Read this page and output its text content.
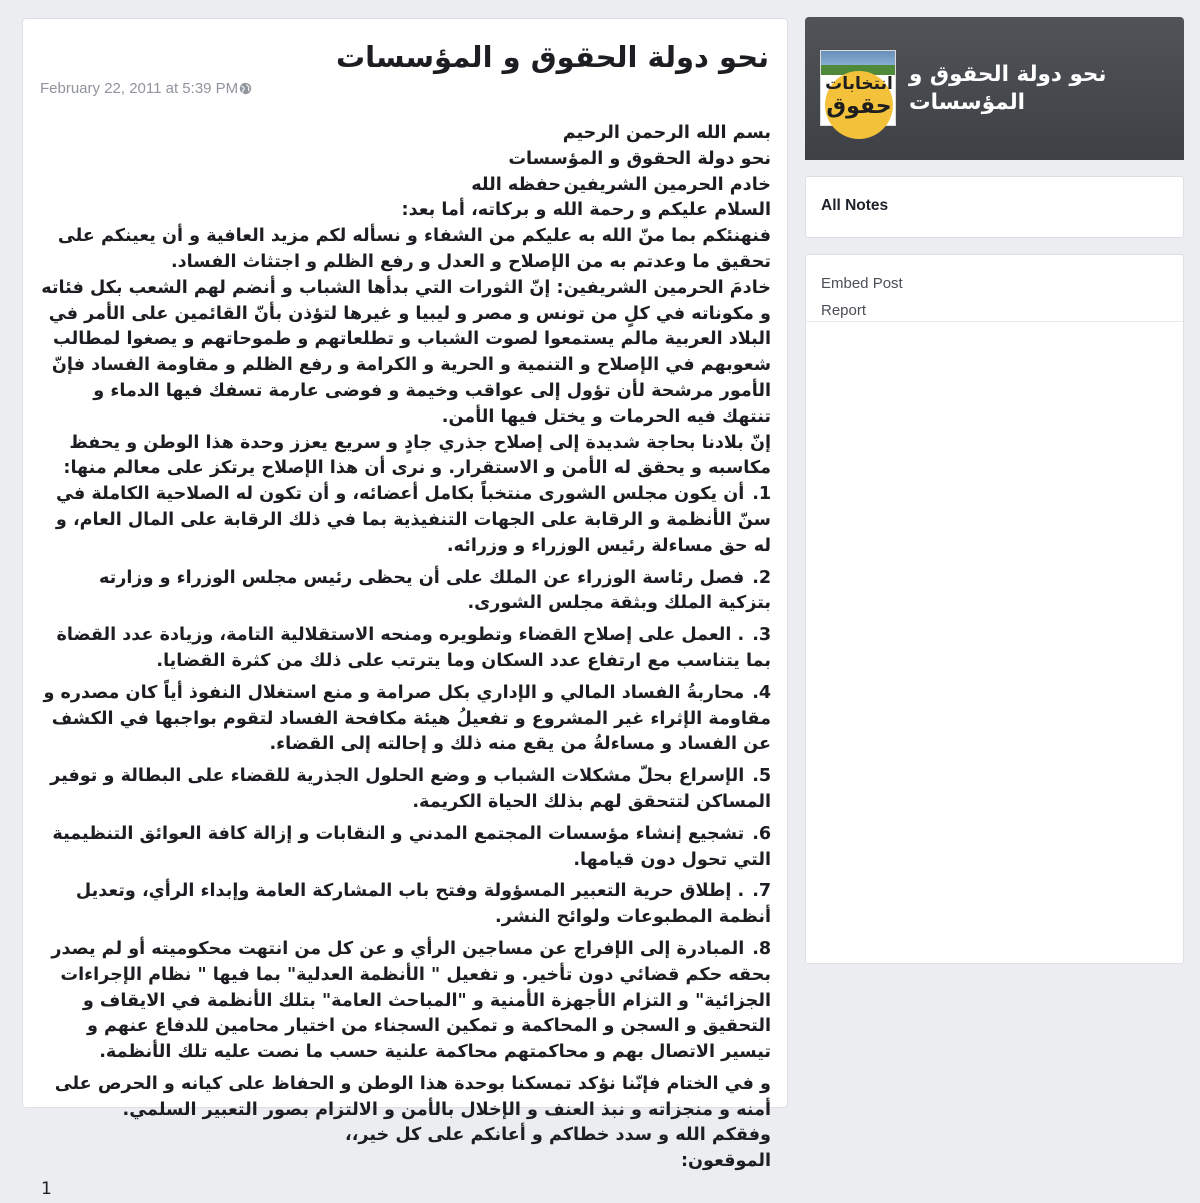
نحو دولة الحقوق و المؤسسات
February 22, 2011 at 5:39 PM

بسم الله الرحمن الرحيم

نحو دولة الحقوق و المؤسسات

خادم الحرمين الشريفين
حفظه الله

السلام عليكم و رحمة الله و بركاته، أما بعد:

فنهنئكم بما منّ الله به عليكم من الشفاء و نسأله لكم مزيد العافية و أن يعينكم على تحقيق ما وعدتم به من الإصلاح و العدل و رفع الظلم و اجتثاث الفساد.

خادمَ الحرمين الشريفين: إنّ الثورات التي بدأها الشباب و أنضم لهم الشعب بكل فئاته و مكوناته في كلٍ من تونس و مصر و ليبيا و غيرها لتؤذن بأنّ القائمين على الأمر في البلاد العربية مالم يستمعوا لصوت الشباب و تطلعاتهم و طموحاتهم و يصغوا لمطالب شعوبهم في الإصلاح و التنمية و الحرية و الكرامة و رفع الظلم و مقاومة الفساد فإنّ الأمور مرشحة لأن تؤول إلى عواقب وخيمة و فوضى عارمة تسفك فيها الدماء و تنتهك فيه الحرمات و يختل فيها الأمن.

إنّ بلادنا بحاجة شديدة إلى إصلاح جذري جادٍ و سريع يعزز وحدة هذا الوطن و يحفظ مكاسبه و يحقق له الأمن و الاستقرار. و نرى أن هذا الإصلاح يرتكز على معالم منها:

1.أن يكون مجلس الشورى منتخباً بكامل أعضائه، و أن تكون له الصلاحية الكاملة في سنّ الأنظمة و الرقابة على الجهات التنفيذية بما في ذلك الرقابة على المال العام، و له حق مساءلة رئيس الوزراء و وزرائه.
2.فصل رئاسة الوزراء عن الملك على أن يحظى رئيس مجلس الوزراء و وزارته بتزكية الملك وبثقة مجلس الشورى.
3.. العمل على إصلاح القضاء وتطويره ومنحه الاستقلالية التامة، وزيادة عدد القضاة بما يتناسب مع ارتفاع عدد السكان وما يترتب على ذلك من كثرة القضايا.
4.محاربةُ الفساد المالي و الإداري بكل صرامة و منع استغلال النفوذ أياً كان مصدره و مقاومة الإثراء غير المشروع و تفعيلُ هيئة مكافحة الفساد لتقوم بواجبها في الكشف عن الفساد و مساءلةُ من يقع منه ذلك و إحالته إلى القضاء.
5.الإسراع بحلّ مشكلات الشباب و وضع الحلول الجذرية للقضاء على البطالة و توفير المساكن لتتحقق لهم بذلك الحياة الكريمة.
6.تشجيع إنشاء مؤسسات المجتمع المدني و النقابات و إزالة كافة العوائق التنظيمية التي تحول دون قيامها.
7.. إطلاق حرية التعبير المسؤولة وفتح باب المشاركة العامة وإبداء الرأي، وتعديل أنظمة المطبوعات ولوائح النشر.
8.المبادرة إلى الإفراج عن مساجين الرأي و عن كل من انتهت محكوميته أو لم يصدر بحقه حكم قضائي دون تأخير. و تفعيل " الأنظمة العدلية" بما فيها " نظام الإجراءات الجزائية" و التزام الأجهزة الأمنية و "المباحث العامة" بتلك الأنظمة في الايقاف و التحقيق و السجن و المحاكمة و تمكين السجناء من اختيار محامين للدفاع عنهم و تيسير الاتصال بهم و محاكمتهم محاكمة علنية حسب ما نصت عليه تلك الأنظمة.

و في الختام فإنّنا نؤكد تمسكنا بوحدة هذا الوطن و الحفاظ على كيانه و الحرص على أمنه و منجزاته و نبذ العنف و الإخلال بالأمن و الالتزام بصور التعبير السلمي.

وفقكم الله و سدد خطاكم و أعانكم على كل خير،،

الموقعون:

1

انتخابات
حقوق
نحو دولة الحقوق و المؤسسات
All Notes
Embed Post
Report
